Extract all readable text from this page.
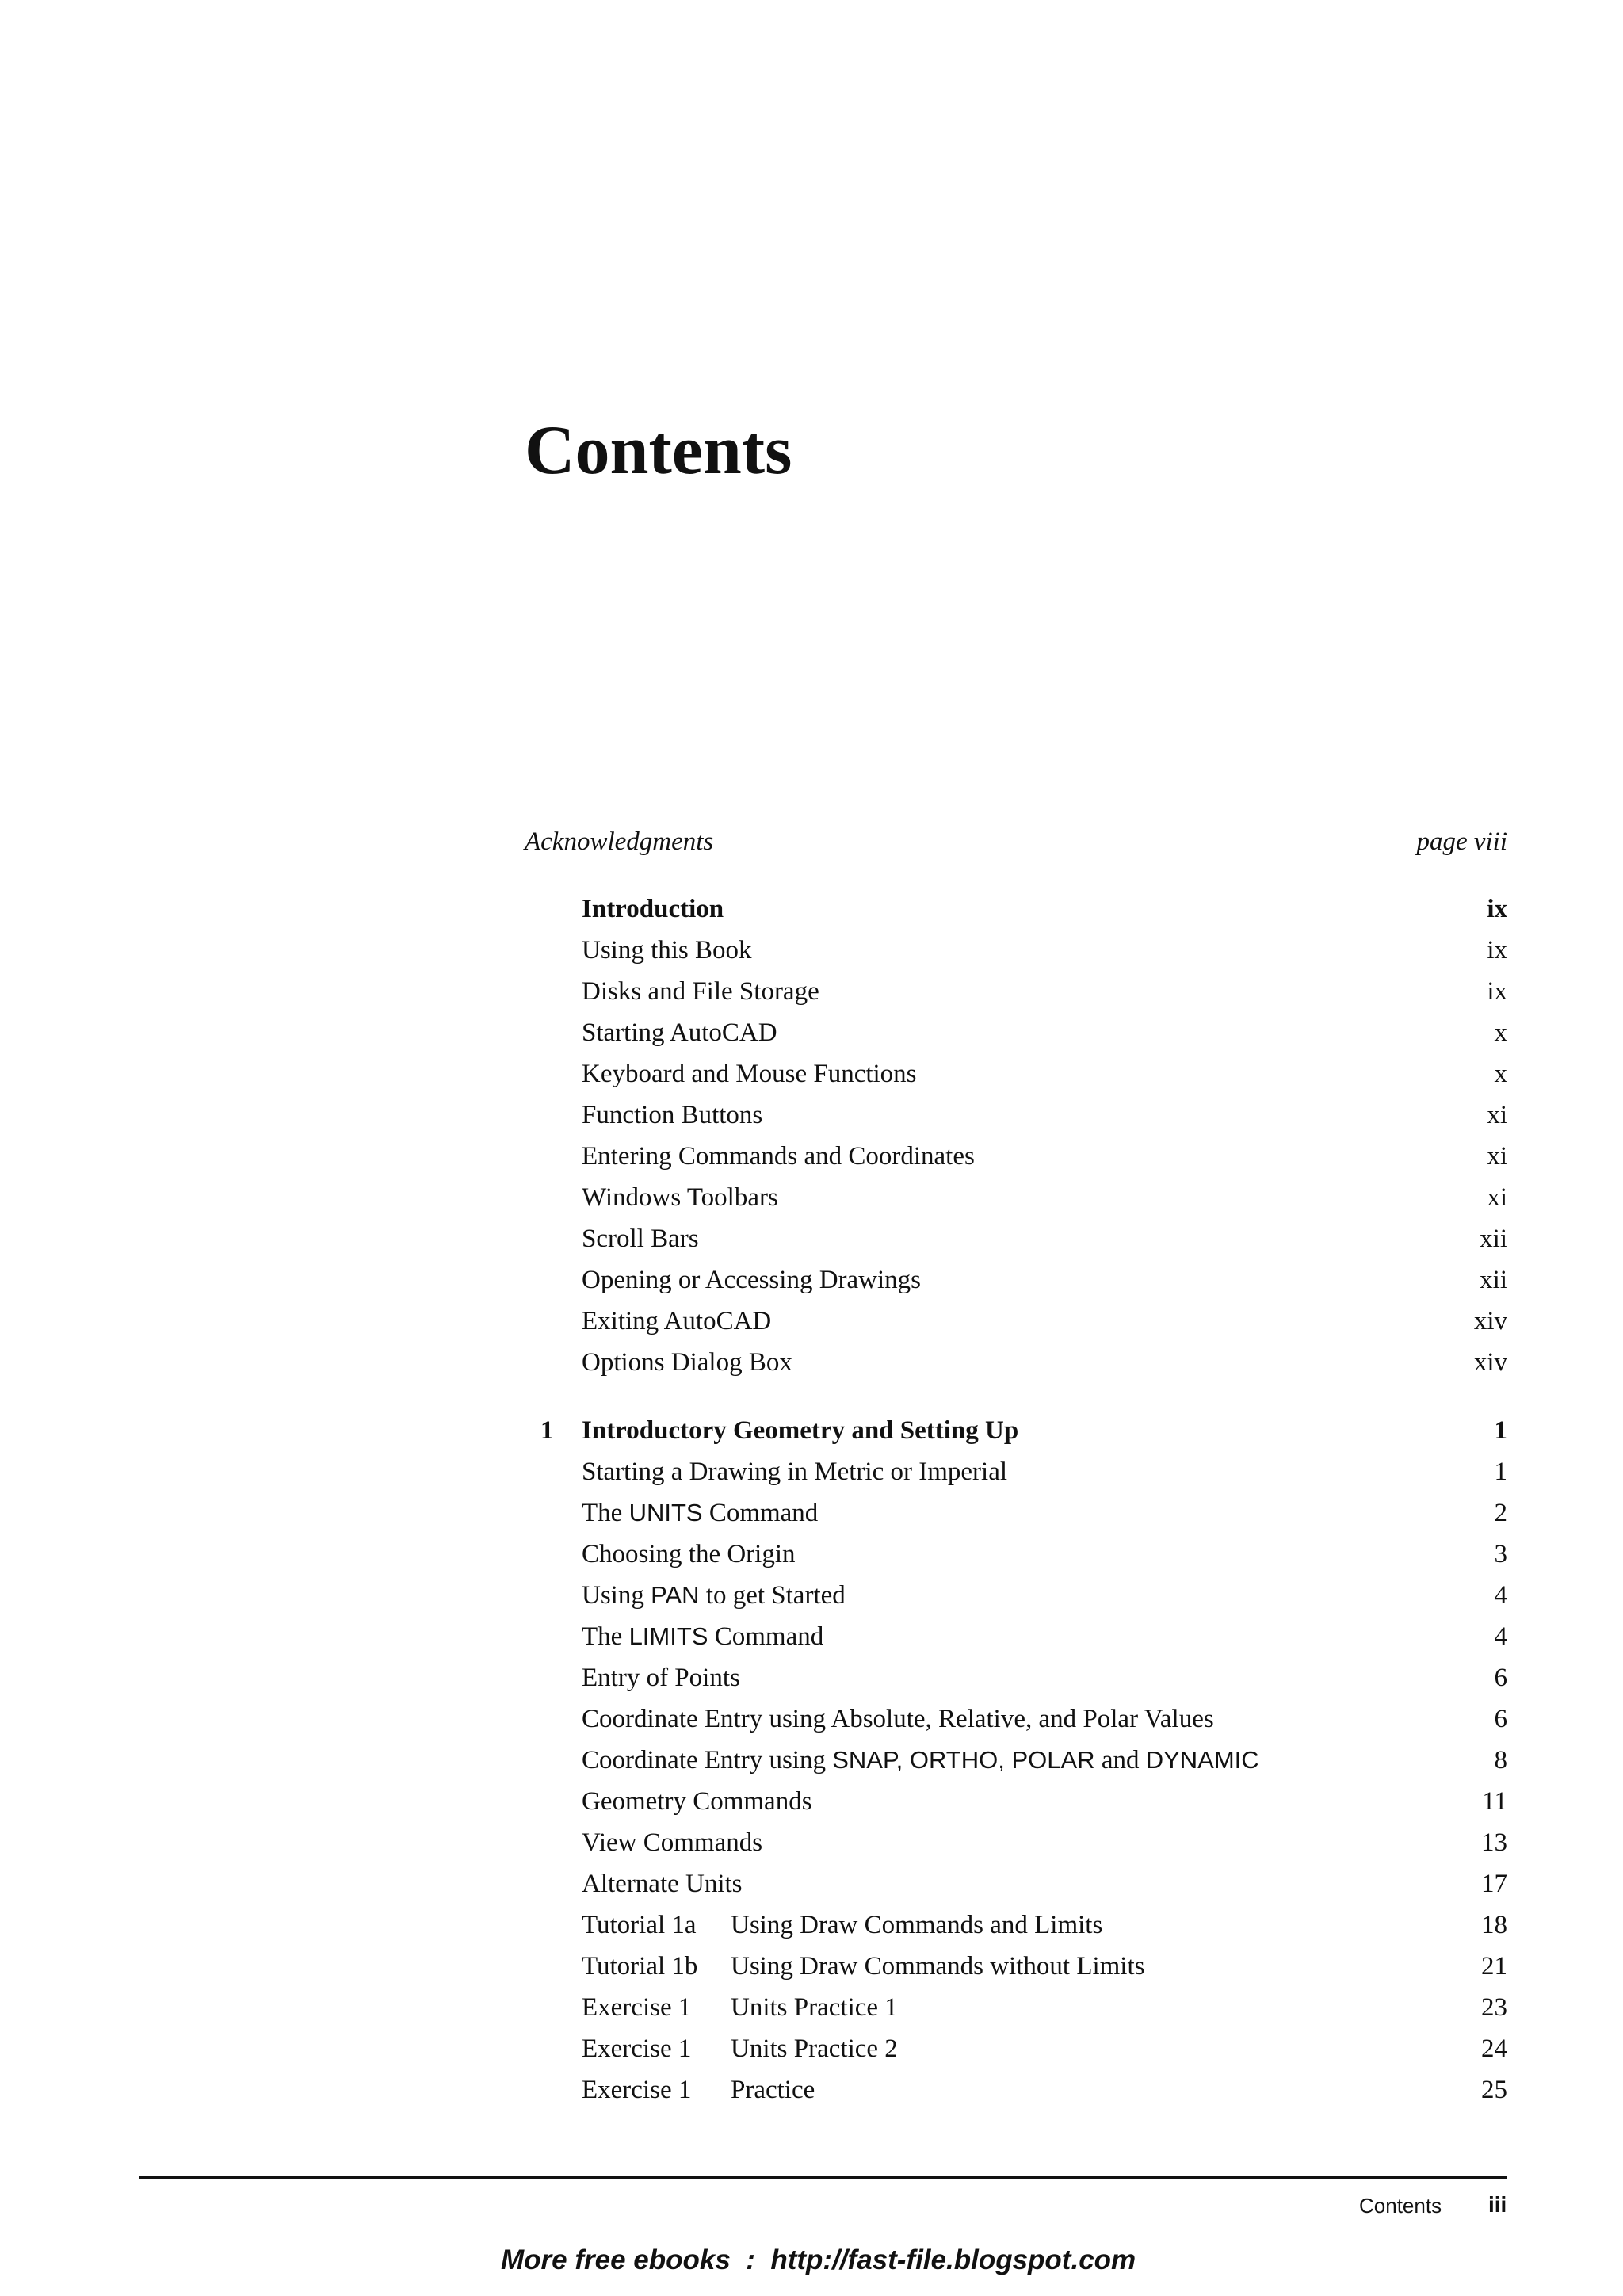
Contents
Acknowledgments	page viii
Introduction	ix
Using this Book	ix
Disks and File Storage	ix
Starting AutoCAD	x
Keyboard and Mouse Functions	x
Function Buttons	xi
Entering Commands and Coordinates	xi
Windows Toolbars	xi
Scroll Bars	xii
Opening or Accessing Drawings	xii
Exiting AutoCAD	xiv
Options Dialog Box	xiv
1 Introductory Geometry and Setting Up	1
Starting a Drawing in Metric or Imperial	1
The UNITS Command	2
Choosing the Origin	3
Using PAN to get Started	4
The LIMITS Command	4
Entry of Points	6
Coordinate Entry using Absolute, Relative, and Polar Values	6
Coordinate Entry using SNAP, ORTHO, POLAR and DYNAMIC	8
Geometry Commands	11
View Commands	13
Alternate Units	17
Tutorial 1a Using Draw Commands and Limits	18
Tutorial 1b Using Draw Commands without Limits	21
Exercise 1 Units Practice 1	23
Exercise 1 Units Practice 2	24
Exercise 1 Practice	25
Contents iii
More free ebooks  :  http://fast-file.blogspot.com
